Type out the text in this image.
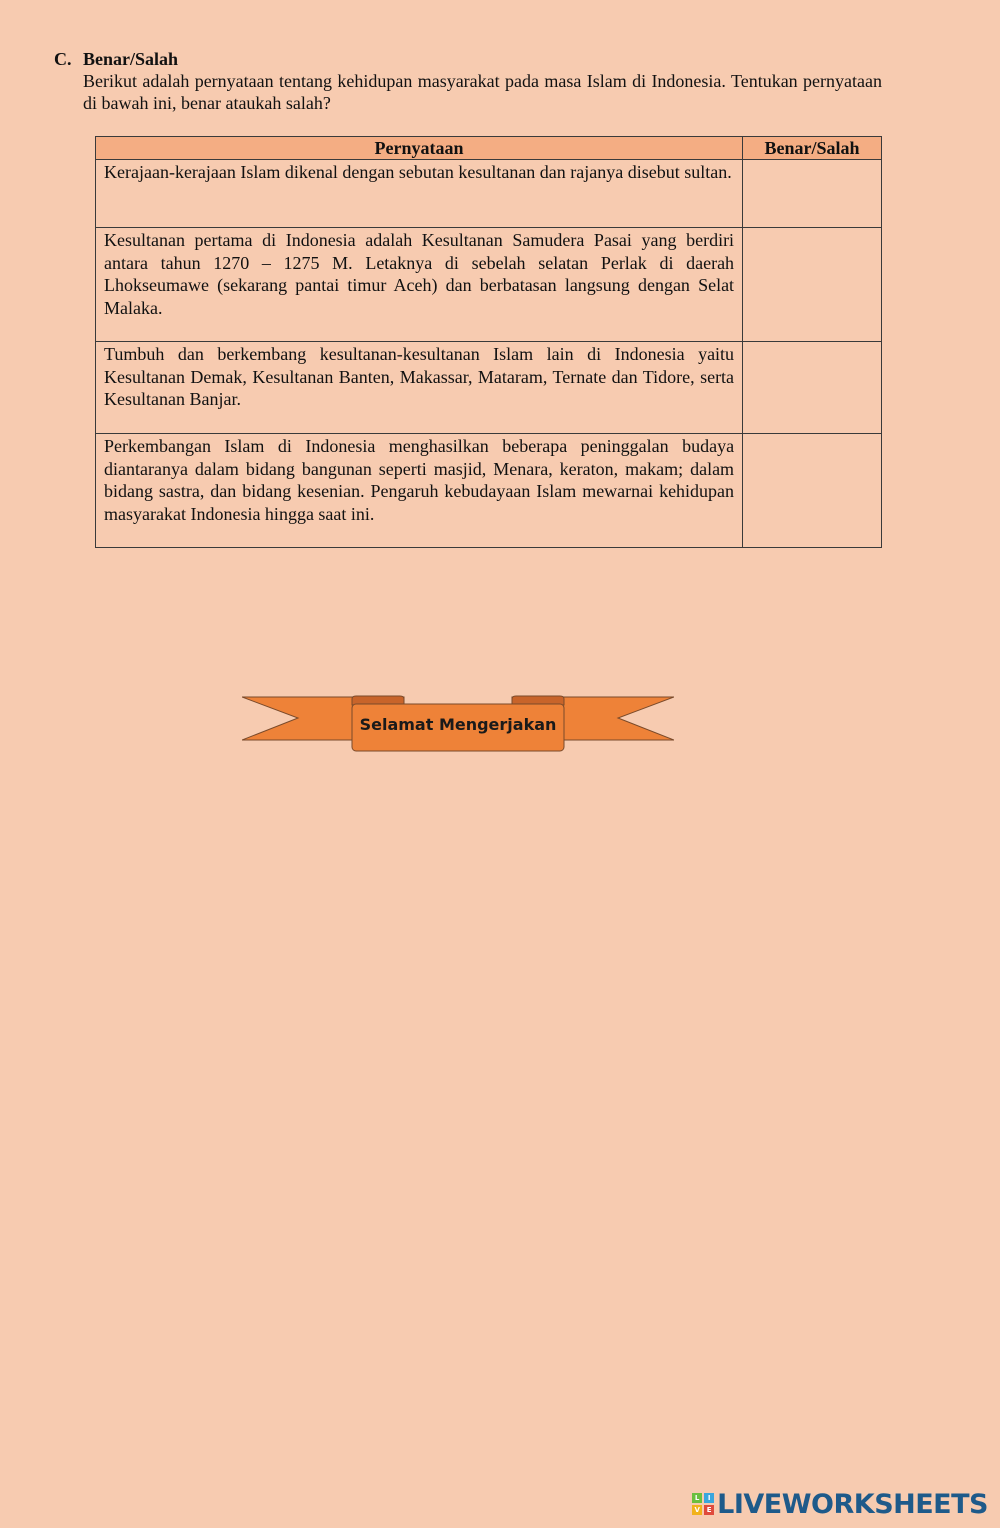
C. Benar/Salah
Berikut adalah pernyataan tentang kehidupan masyarakat pada masa Islam di Indonesia. Tentukan pernyataan di bawah ini, benar ataukah salah?
Pernyataan	Benar/Salah
Kerajaan-kerajaan Islam dikenal dengan sebutan kesultanan dan rajanya disebut sultan.	
Kesultanan pertama di Indonesia adalah Kesultanan Samudera Pasai yang berdiri antara tahun 1270 – 1275 M. Letaknya di sebelah selatan Perlak di daerah Lhokseumawe (sekarang pantai timur Aceh) dan berbatasan langsung dengan Selat Malaka.	
Tumbuh dan berkembang kesultanan-kesultanan Islam lain di Indonesia yaitu Kesultanan Demak, Kesultanan Banten, Makassar, Mataram, Ternate dan Tidore, serta Kesultanan Banjar.	
Perkembangan Islam di Indonesia menghasilkan beberapa peninggalan budaya diantaranya dalam bidang bangunan seperti masjid, Menara, keraton, makam; dalam bidang sastra, dan bidang kesenian. Pengaruh kebudayaan Islam mewarnai kehidupan masyarakat Indonesia hingga saat ini.	
Selamat Mengerjakan
L	I
V E LIVEWORKSHEETS
